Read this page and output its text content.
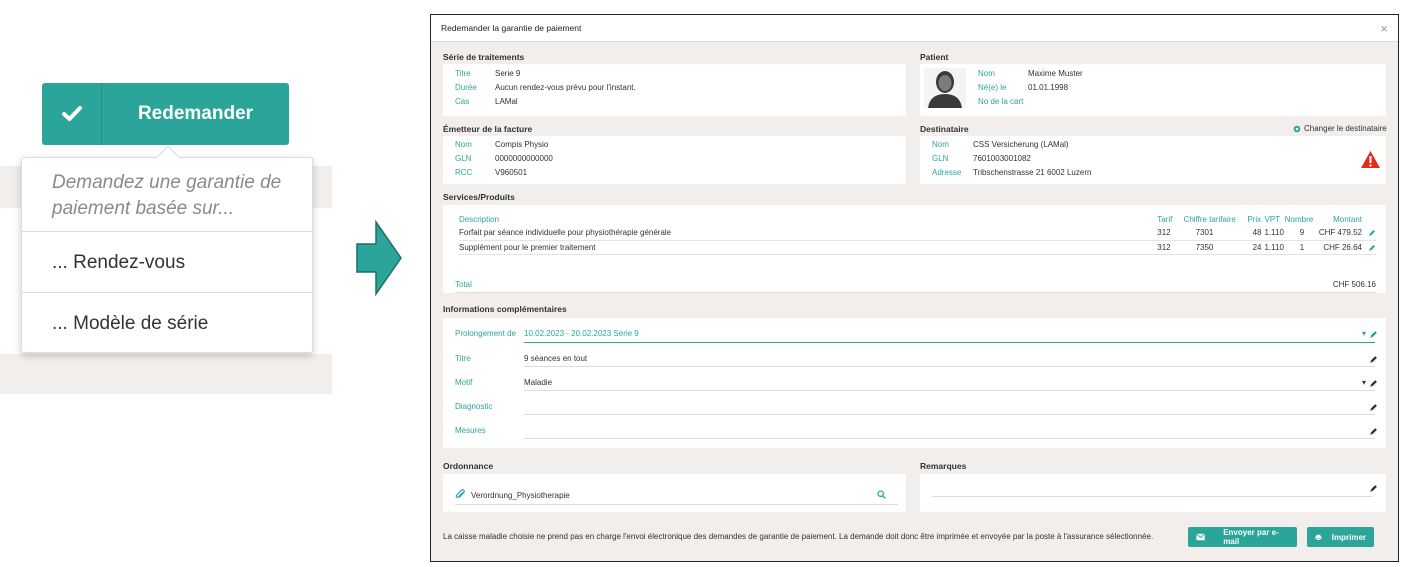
Redemander
Demandez une garantie de paiement basée sur...
... Rendez-vous
... Modèle de série
Redemander la garantie de paiement	×
Série de traitements
Titre	Serie 9
Durée	Aucun rendez-vous prévu pour l'instant.
Cas	LAMal
Patient
Nom	Maxime Muster
Né(e) le	01.01.1998
No de la cart
Émetteur de la facture
Nom	Compis Physio
GLN	0000000000000
RCC	V960501
Destinataire	Changer le destinataire
Nom	CSS Versicherung (LAMal)
GLN	7601003001082
Adresse	Tribschenstrasse 21 6002 Luzern
Services/Produits
Description	Tarif	Chiffre tarifaire	Prix	VPT	Nombre	Montant
Forfait par séance individuelle pour physiothérapie générale	312	7301	48	1.110	9	CHF 479.52

Supplément pour le premier traitement	312	7350	24	1.110	1	CHF 26.64
Total	CHF 506.16
Informations complémentaires
Prolongement de	10.02.2023 - 20.02.2023 Serie 9	▾
Titre	9 séances en tout
Motif	Maladie	▾
Diagnostic
Mesures
Ordonnance
Verordnung_Physiotherapie
Remarques
La caisse maladie choisie ne prend pas en charge l'envoi électronique des demandes de garantie de paiement. La demande doit donc être imprimée et envoyée par la poste à l'assurance sélectionnée.	Envoyer par e-mail	Imprimer
